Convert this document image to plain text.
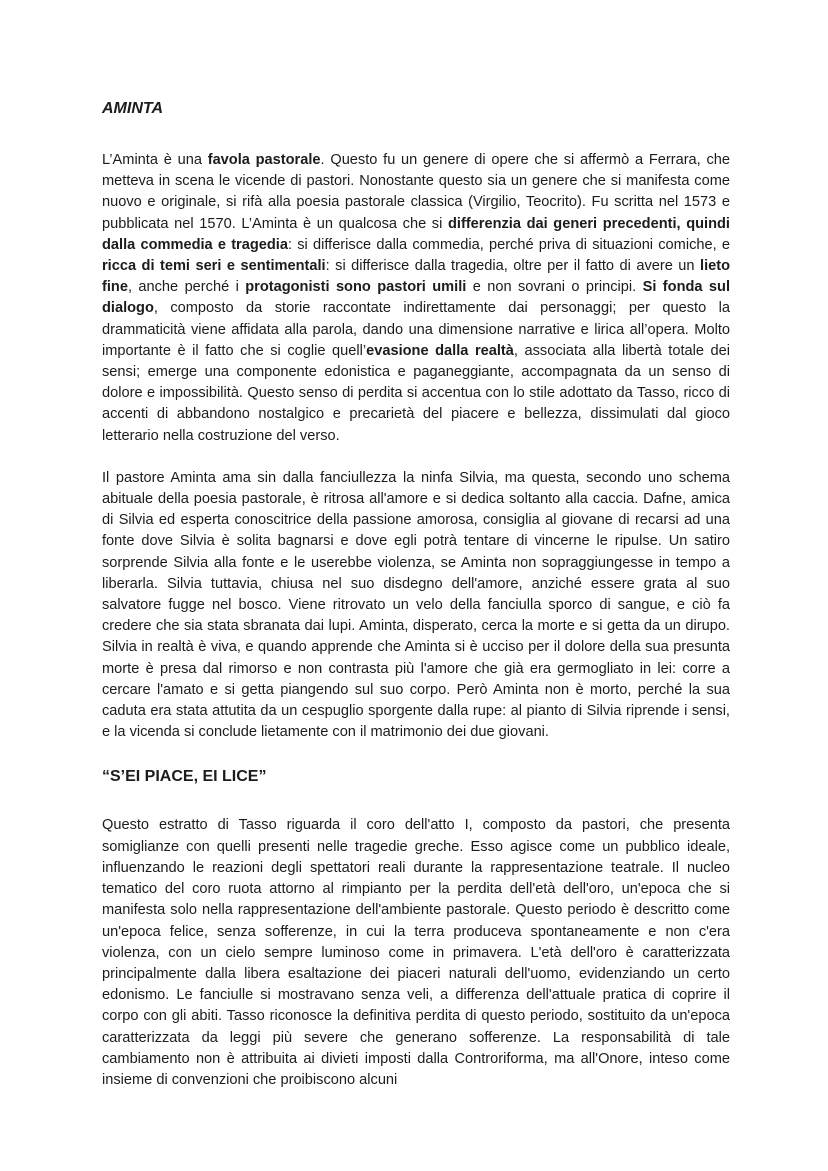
AMINTA

L’Aminta è una favola pastorale. Questo fu un genere di opere che si affermò a Ferrara, che metteva in scena le vicende di pastori. Nonostante questo sia un genere che si manifesta come nuovo e originale, si rifà alla poesia pastorale classica (Virgilio, Teocrito). Fu scritta nel 1573 e pubblicata nel 1570. L’Aminta è un qualcosa che si differenzia dai generi precedenti, quindi dalla commedia e tragedia: si differisce dalla commedia, perché priva di situazioni comiche, e ricca di temi seri e sentimentali: si differisce dalla tragedia, oltre per il fatto di avere un lieto fine, anche perché i protagonisti sono pastori umili e non sovrani o principi. Si fonda sul dialogo, composto da storie raccontate indirettamente dai personaggi; per questo la drammaticità viene affidata alla parola, dando una dimensione narrative e lirica all’opera. Molto importante è il fatto che si coglie quell’evasione dalla realtà, associata alla libertà totale dei sensi; emerge una componente edonistica e paganeggiante, accompagnata da un senso di dolore e impossibilità. Questo senso di perdita si accentua con lo stile adottato da Tasso, ricco di accenti di abbandono nostalgico e precarietà del piacere e bellezza, dissimulati dal gioco letterario nella costruzione del verso.

Il pastore Aminta ama sin dalla fanciullezza la ninfa Silvia, ma questa, secondo uno schema abituale della poesia pastorale, è ritrosa all'amore e si dedica soltanto alla caccia. Dafne, amica di Silvia ed esperta conoscitrice della passione amorosa, consiglia al giovane di recarsi ad una fonte dove Silvia è solita bagnarsi e dove egli potrà tentare di vincerne le ripulse. Un satiro sorprende Silvia alla fonte e le userebbe violenza, se Aminta non sopraggiungesse in tempo a liberarla. Silvia tuttavia, chiusa nel suo disdegno dell'amore, anziché essere grata al suo salvatore fugge nel bosco. Viene ritrovato un velo della fanciulla sporco di sangue, e ciò fa credere che sia stata sbranata dai lupi. Aminta, disperato, cerca la morte e si getta da un dirupo. Silvia in realtà è viva, e quando apprende che Aminta si è ucciso per il dolore della sua presunta morte è presa dal rimorso e non contrasta più l'amore che già era germogliato in lei: corre a cercare l'amato e si getta piangendo sul suo corpo. Però Aminta non è morto, perché la sua caduta era stata attutita da un cespuglio sporgente dalla rupe: al pianto di Silvia riprende i sensi, e la vicenda si conclude lietamente con il matrimonio dei due giovani.

“S’EI PIACE, EI LICE”

Questo estratto di Tasso riguarda il coro dell'atto I, composto da pastori, che presenta somiglianze con quelli presenti nelle tragedie greche. Esso agisce come un pubblico ideale, influenzando le reazioni degli spettatori reali durante la rappresentazione teatrale. Il nucleo tematico del coro ruota attorno al rimpianto per la perdita dell'età dell'oro, un'epoca che si manifesta solo nella rappresentazione dell'ambiente pastorale. Questo periodo è descritto come un'epoca felice, senza sofferenze, in cui la terra produceva spontaneamente e non c'era violenza, con un cielo sempre luminoso come in primavera. L'età dell'oro è caratterizzata principalmente dalla libera esaltazione dei piaceri naturali dell'uomo, evidenziando un certo edonismo. Le fanciulle si mostravano senza veli, a differenza dell'attuale pratica di coprire il corpo con gli abiti. Tasso riconosce la definitiva perdita di questo periodo, sostituito da un'epoca caratterizzata da leggi più severe che generano sofferenze. La responsabilità di tale cambiamento non è attribuita ai divieti imposti dalla Controriforma, ma all'Onore, inteso come insieme di convenzioni che proibiscono alcuni
